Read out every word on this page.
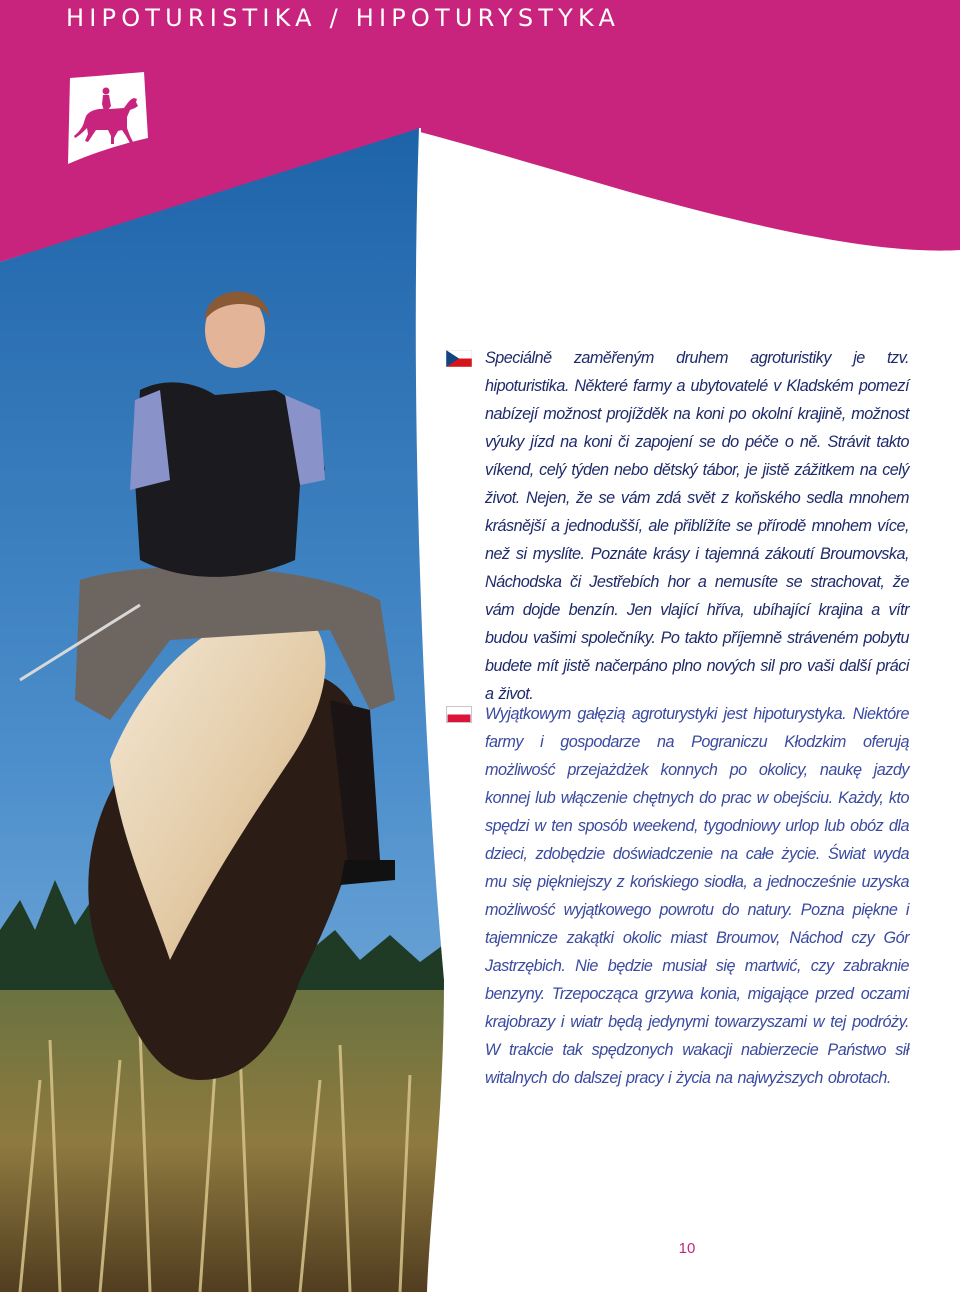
HIPOTURISTIKA / HIPOTURYSTYKA
Speciálně zaměřeným druhem agroturistiky je tzv. hipoturistika. Některé farmy a ubytovatelé v Kladském pomezí nabízejí možnost projížděk na koni po okolní krajině, možnost výuky jízd na koni či zapojení se do péče o ně. Strávit takto víkend, celý týden nebo dětský tábor, je jistě zážitkem na celý život. Nejen, že se vám zdá svět z koňského sedla mnohem krásnější a jednodušší, ale přiblížíte se přírodě mnohem více, než si myslíte. Poznáte krásy i tajemná zákoutí Broumovska, Náchodska či Jestřebích hor a nemusíte se strachovat, že vám dojde benzín. Jen vlající hříva, ubíhající krajina a vítr budou vašimi společníky. Po takto příjemně stráveném pobytu budete mít jistě načerpáno plno nových sil pro vaši další práci a život.
Wyjątkowym gałęzią agroturystyki jest hipoturystyka. Niektóre farmy i gospodarze na Pograniczu Kłodzkim oferują możliwość przejażdżek konnych po okolicy, naukę jazdy konnej lub włączenie chętnych do prac w obejściu. Każdy, kto spędzi w ten sposób weekend, tygodniowy urlop lub obóz dla dzieci, zdobędzie doświadczenie na całe życie. Świat wyda mu się piękniejszy z końskiego siodła, a jednocześnie uzyska możliwość wyjątkowego powrotu do natury. Pozna piękne i tajemnicze zakątki okolic miast Broumov, Náchod czy Gór Jastrzębich. Nie będzie musiał się martwić, czy zabraknie benzyny. Trzepocząca grzywa konia, migające przed oczami krajobrazy i wiatr będą jedynymi towarzyszami w tej podróży. W trakcie tak spędzonych wakacji nabierzecie Państwo sił witalnych do dalszej pracy i życia na najwyższych obrotach.
10
